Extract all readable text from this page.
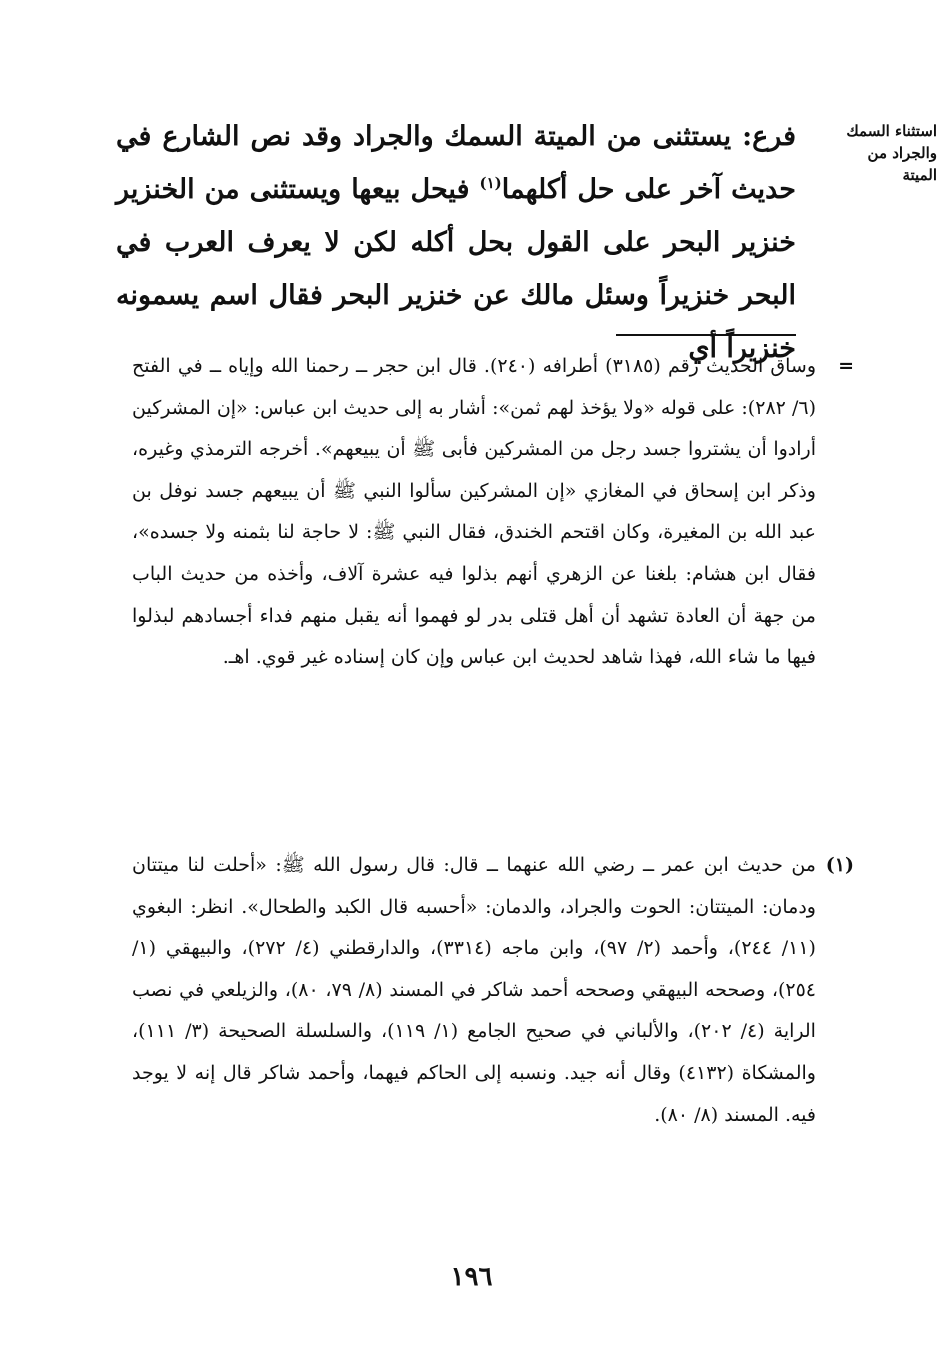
استثناء السمك
والجراد من
الميتة

فرع: يستثنى من الميتة السمك والجراد وقد نص الشارع في حديث آخر على حل أكلهما$^{(١)}$ فيحل بيعها ويستثنى من الخنزير خنزير البحر على القول بحل أكله لكن لا يعرف العرب في البحر خنزيراً وسئل مالك عن خنزير البحر فقال اسم يسمونه خنزيراً أي

=

وساق الحديث رقم (٣١٨٥) أطرافه (٢٤٠). قال ابن حجر ــ رحمنا الله وإياه ــ في الفتح (٦/ ٢٨٢): على قوله «ولا يؤخذ لهم ثمن»: أشار به إلى حديث ابن عباس: «إن المشركين أرادوا أن يشتروا جسد رجل من المشركين فأبى ﷺ أن يبيعهم». أخرجه الترمذي وغيره، وذكر ابن إسحاق في المغازي «إن المشركين سألوا النبي ﷺ أن يبيعهم جسد نوفل بن عبد الله بن المغيرة، وكان اقتحم الخندق، فقال النبي ﷺ: لا حاجة لنا بثمنه ولا جسده»، فقال ابن هشام: بلغنا عن الزهري أنهم بذلوا فيه عشرة آلاف، وأخذه من حديث الباب من جهة أن العادة تشهد أن أهل قتلى بدر لو فهموا أنه يقبل منهم فداء أجسادهم لبذلوا فيها ما شاء الله، فهذا شاهد لحديث ابن عباس وإن كان إسناده غير قوي. اهـ.

(١)

من حديث ابن عمر ــ رضي الله عنهما ــ قال: قال رسول الله ﷺ: «أحلت لنا ميتتان ودمان: الميتتان: الحوت والجراد، والدمان: «أحسبه قال الكبد والطحال». انظر: البغوي (١١/ ٢٤٤)، وأحمد (٢/ ٩٧)، وابن ماجه (٣٣١٤)، والدارقطني (٤/ ٢٧٢)، والبيهقي (١/ ٢٥٤)، وصححه البيهقي وصححه أحمد شاكر في المسند (٨/ ٧٩، ٨٠)، والزيلعي في نصب الراية (٤/ ٢٠٢)، والألباني في صحيح الجامع (١/ ١١٩)، والسلسلة الصحيحة (٣/ ١١١)، والمشكاة (٤١٣٢) وقال أنه جيد. ونسبه إلى الحاكم فيهما، وأحمد شاكر قال إنه لا يوجد فيه. المسند (٨/ ٨٠).

١٩٦
